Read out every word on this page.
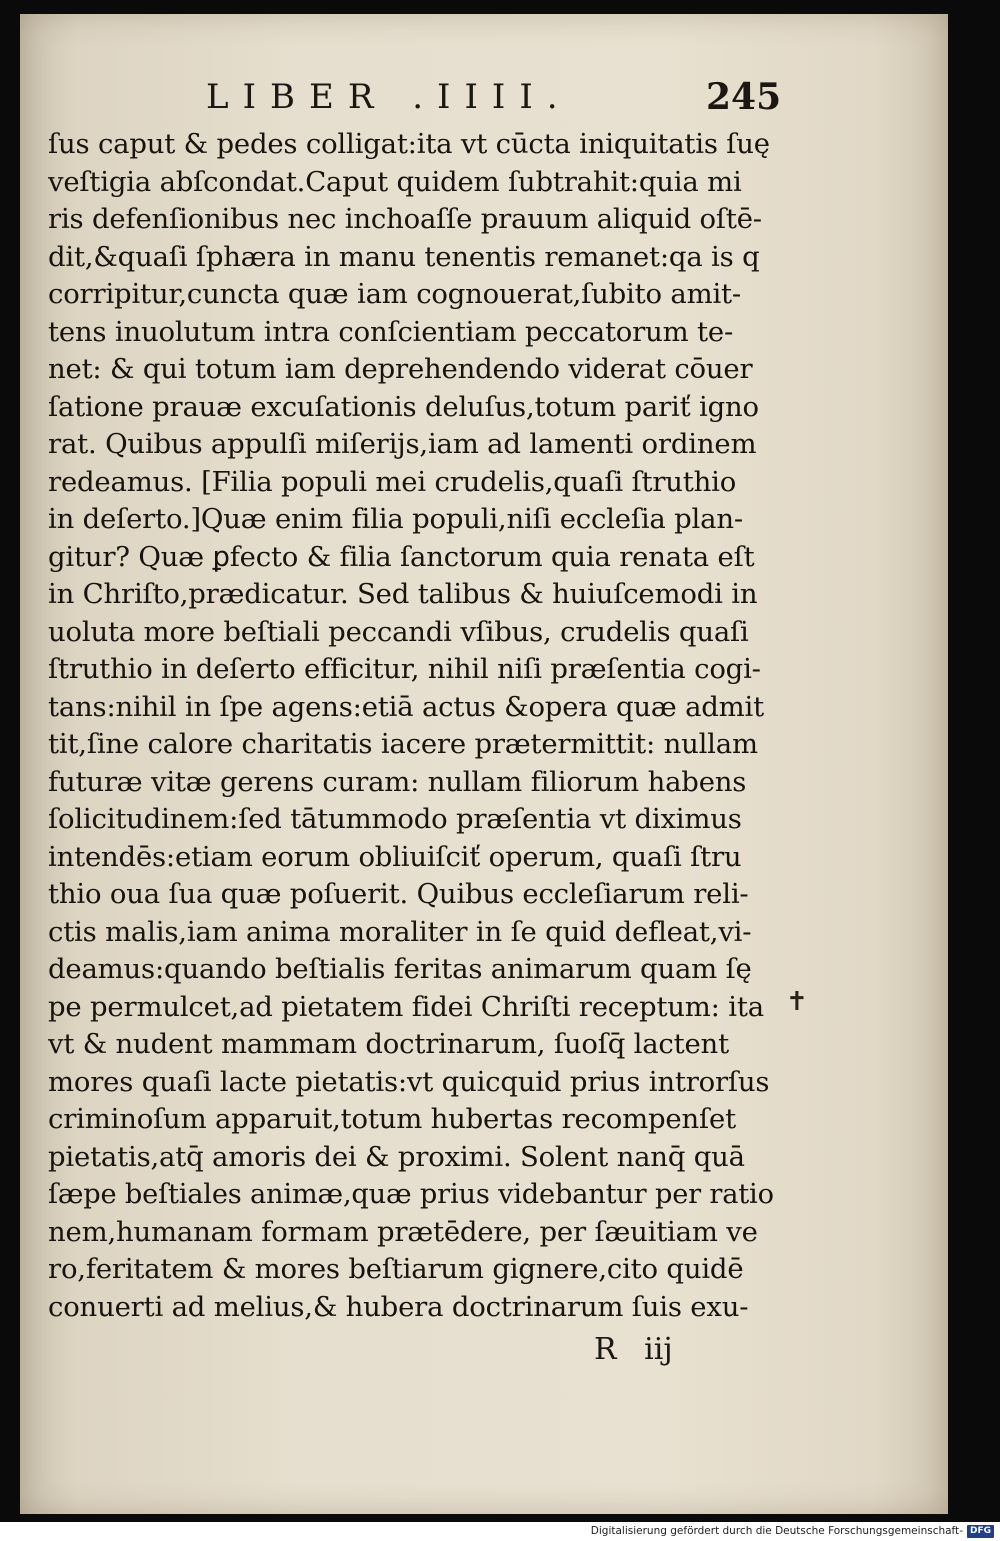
LIBER .IIII.	245
ſus caput & pedes colligat:ita vt cūcta iniquitatis ſuę
veſtigia abſcondat.Caput quidem ſubtrahit:quia mi
ris defenſionibus nec inchoaſſe prauum aliquid oſtē-
dit,&quaſi ſphæra in manu tenentis remanet:qa is q
corripitur,cuncta quæ iam cognouerat,ſubito amit-
tens inuolutum intra conſcientiam peccatorum te-
net: & qui totum iam deprehendendo viderat cōuer
ſatione prauæ excuſationis deluſus,totum pariť igno
rat. Quibus appulſi miſerijs,iam ad lamenti ordinem
redeamus. [Filia populi mei crudelis,quaſi ſtruthio
in deſerto.]Quæ enim filia populi,niſi eccleſia plan-
gitur? Quæ ꝑfecto & filia ſanctorum quia renata eſt
in Chriſto,prædicatur. Sed talibus & huiuſcemodi in
uoluta more beſtiali peccandi vſibus, crudelis quaſi
ſtruthio in deſerto efficitur, nihil niſi præſentia cogi-
tans:nihil in ſpe agens:etiā actus &opera quæ admit
tit,ſine calore charitatis iacere prætermittit: nullam
futuræ vitæ gerens curam: nullam filiorum habens
ſolicitudinem:ſed tātummodo præſentia vt diximus
intendēs:etiam eorum obliuiſciť operum, quaſi ſtru
thio oua ſua quæ poſuerit. Quibus eccleſiarum reli-
ctis malis,iam anima moraliter in ſe quid defleat,vi-
deamus:quando beſtialis feritas animarum quam ſę
pe permulcet,ad pietatem fidei Chriſti receptum: ita
vt & nudent mammam doctrinarum, ſuoſq̄ lactent
mores quaſi lacte pietatis:vt quicquid prius introrſus
criminoſum apparuit,totum hubertas recompenſet
pietatis,atq̄ amoris dei & proximi. Solent nanq̄ quā
ſæpe beſtiales animæ,quæ prius videbantur per ratio
nem,humanam formam prætēdere, per ſæuitiam ve
ro,feritatem & mores beſtiarum gignere,cito quidē
conuerti ad melius,& hubera doctrinarum ſuis exu-
✝
R iij
Digitalisierung gefördert durch die Deutsche Forschungsgemeinschaft - DFG
